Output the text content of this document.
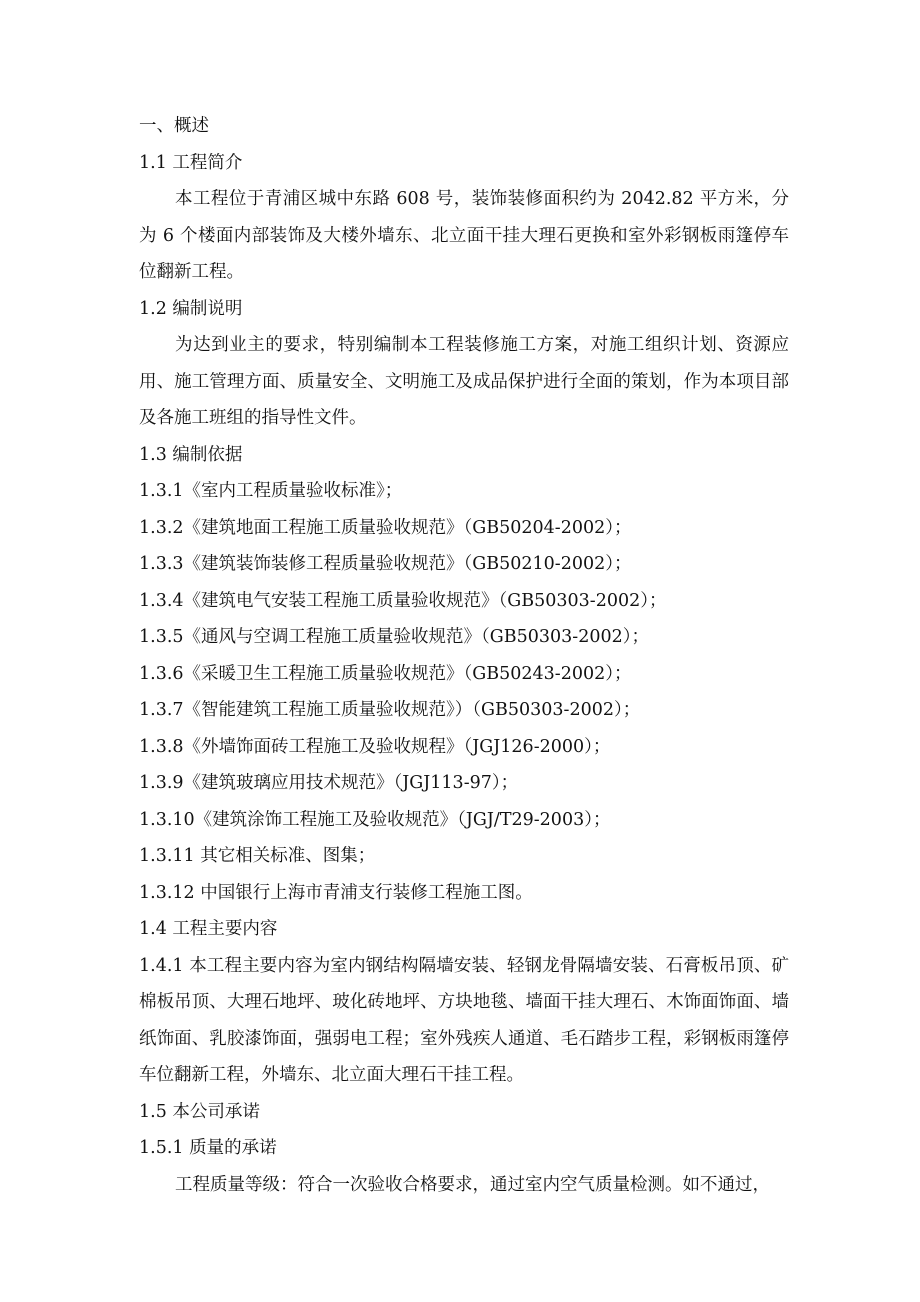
一、概述
1.1 工程简介
本工程位于青浦区城中东路 608 号，装饰装修面积约为 2042.82 平方米，分为 6 个楼面内部装饰及大楼外墙东、北立面干挂大理石更换和室外彩钢板雨篷停车位翻新工程。
1.2 编制说明
为达到业主的要求，特别编制本工程装修施工方案，对施工组织计划、资源应用、施工管理方面、质量安全、文明施工及成品保护进行全面的策划，作为本项目部及各施工班组的指导性文件。
1.3 编制依据
1.3.1《室内工程质量验收标准》；
1.3.2《建筑地面工程施工质量验收规范》（GB50204-2002）；
1.3.3《建筑装饰装修工程质量验收规范》（GB50210-2002）；
1.3.4《建筑电气安装工程施工质量验收规范》（GB50303-2002）；
1.3.5《通风与空调工程施工质量验收规范》（GB50303-2002）；
1.3.6《采暖卫生工程施工质量验收规范》（GB50243-2002）；
1.3.7《智能建筑工程施工质量验收规范》）（GB50303-2002）；
1.3.8《外墙饰面砖工程施工及验收规程》（JGJ126-2000）；
1.3.9《建筑玻璃应用技术规范》（JGJ113-97）；
1.3.10《建筑涂饰工程施工及验收规范》（JGJ/T29-2003）；
1.3.11 其它相关标准、图集；
1.3.12 中国银行上海市青浦支行装修工程施工图。
1.4 工程主要内容
1.4.1 本工程主要内容为室内钢结构隔墙安装、轻钢龙骨隔墙安装、石膏板吊顶、矿棉板吊顶、大理石地坪、玻化砖地坪、方块地毯、墙面干挂大理石、木饰面饰面、墙纸饰面、乳胶漆饰面，强弱电工程；室外残疾人通道、毛石踏步工程，彩钢板雨篷停车位翻新工程，外墙东、北立面大理石干挂工程。
1.5 本公司承诺
1.5.1 质量的承诺
工程质量等级：符合一次验收合格要求，通过室内空气质量检测。如不通过，
